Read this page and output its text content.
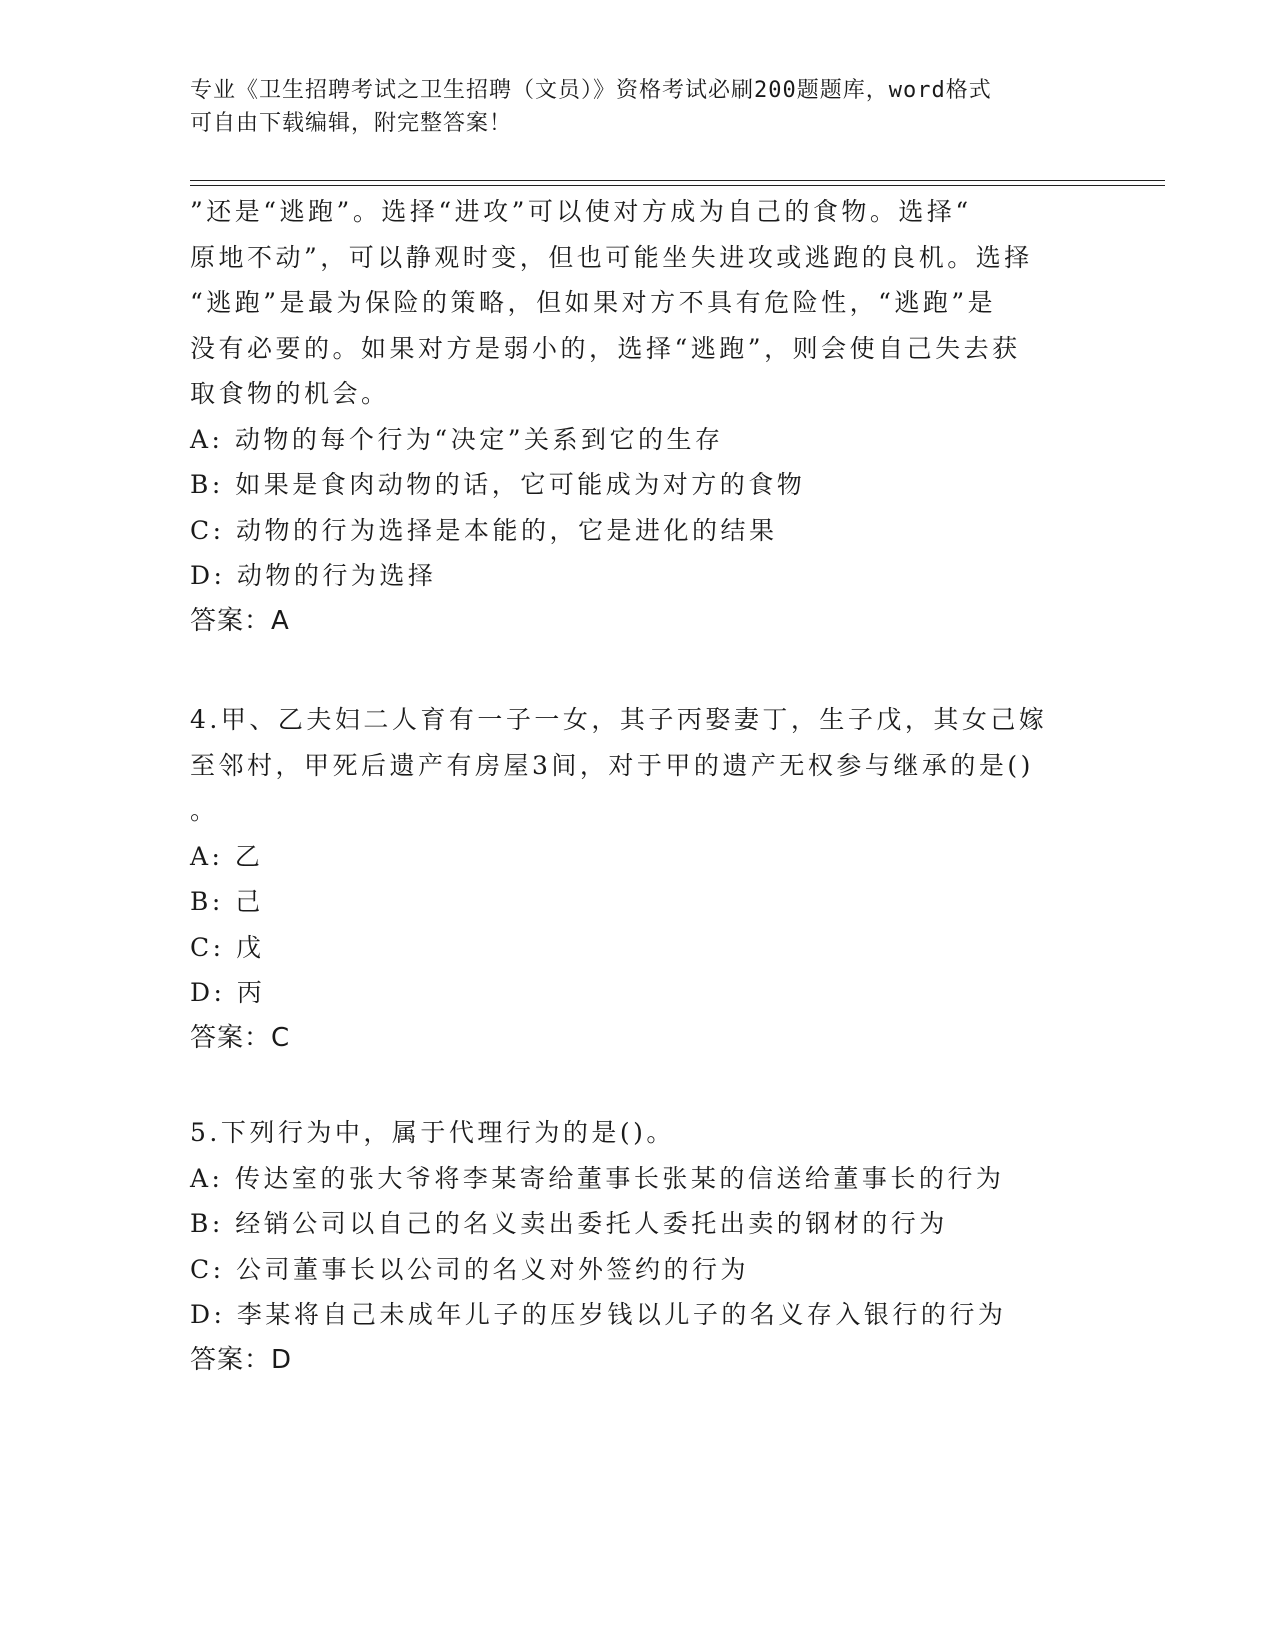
专业《卫生招聘考试之卫生招聘（文员）》资格考试必刷200题题库，word格式
可自由下载编辑，附完整答案！
”还是“逃跑”。选择“进攻”可以使对方成为自己的食物。选择“
原地不动”，可以静观时变，但也可能坐失进攻或逃跑的良机。选择
“逃跑”是最为保险的策略，但如果对方不具有危险性，“逃跑”是
没有必要的。如果对方是弱小的，选择“逃跑”，则会使自己失去获
取食物的机会。
A: 动物的每个行为“决定”关系到它的生存
B: 如果是食肉动物的话，它可能成为对方的食物
C: 动物的行为选择是本能的，它是进化的结果
D: 动物的行为选择
答案：A
4.甲、乙夫妇二人育有一子一女，其子丙娶妻丁，生子戊，其女己嫁
至邻村，甲死后遗产有房屋3间，对于甲的遗产无权参与继承的是()
。
A: 乙
B: 己
C: 戊
D: 丙
答案：C
5.下列行为中，属于代理行为的是()。
A: 传达室的张大爷将李某寄给董事长张某的信送给董事长的行为
B: 经销公司以自己的名义卖出委托人委托出卖的钢材的行为
C: 公司董事长以公司的名义对外签约的行为
D: 李某将自己未成年儿子的压岁钱以儿子的名义存入银行的行为
答案：D
